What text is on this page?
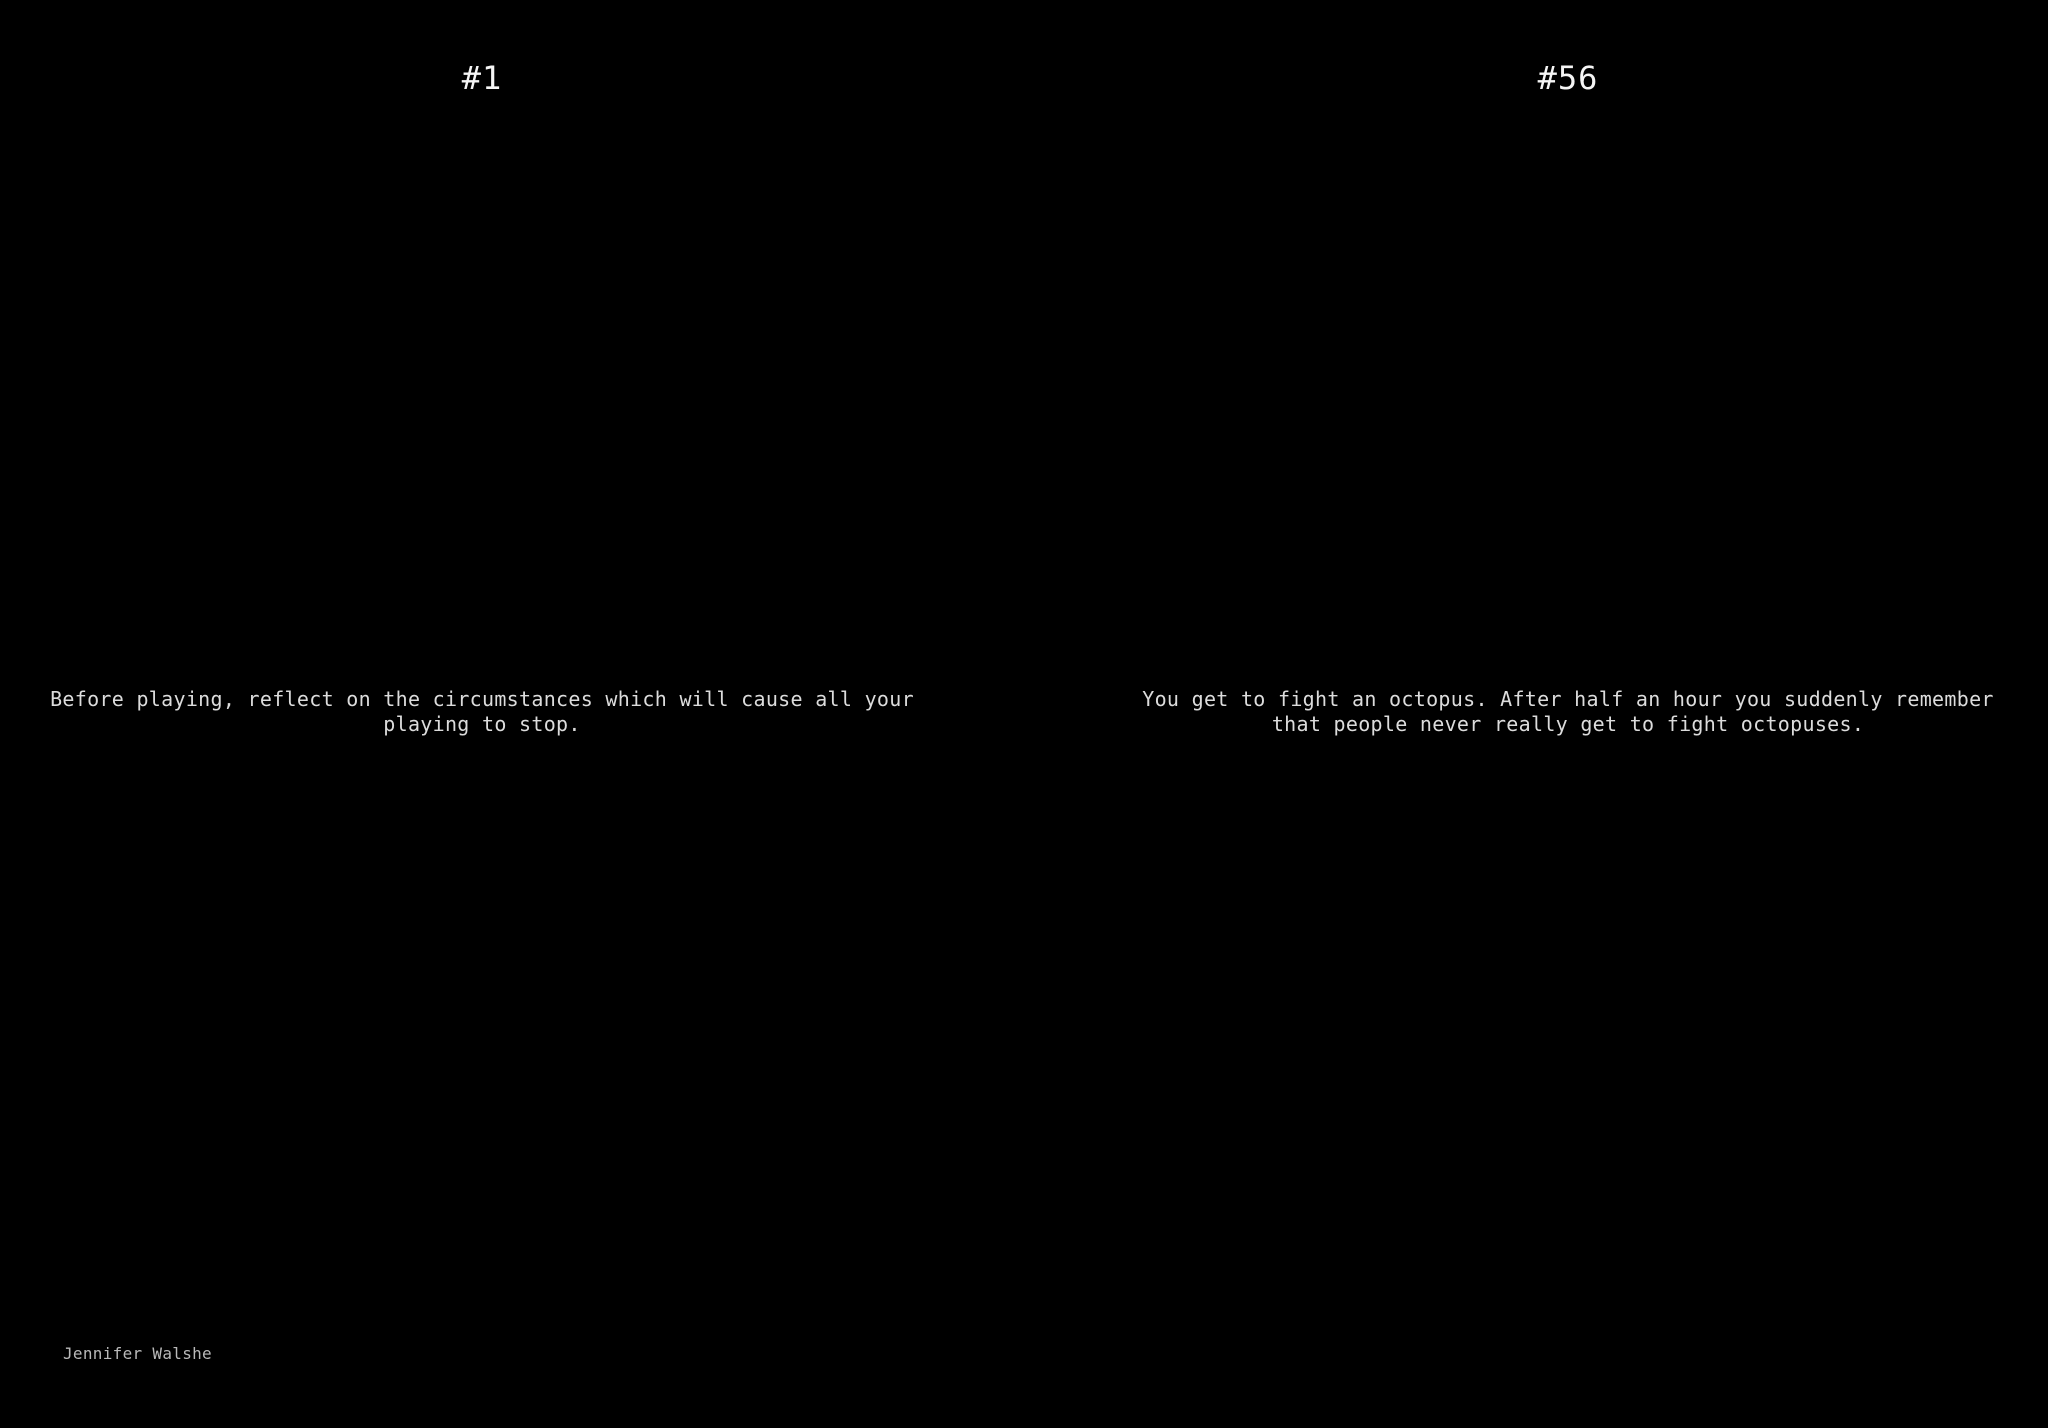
#1
Before playing, reflect on the circumstances which will cause all your
playing to stop.
#56
You get to fight an octopus. After half an hour you suddenly remember
that people never really get to fight octopuses.
Jennifer Walshe
